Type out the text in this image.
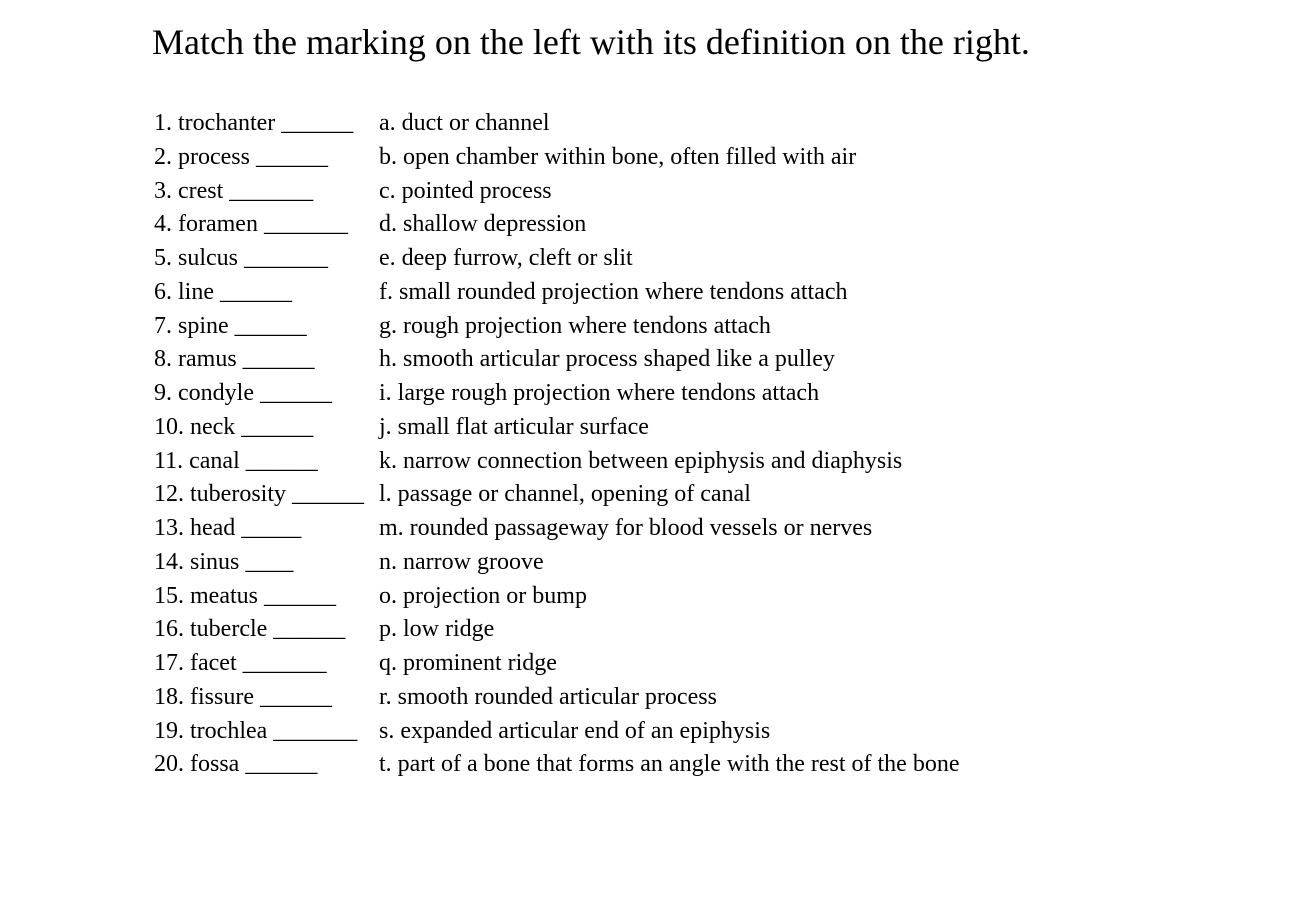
Match the marking on the left with its definition on the right.
1. trochanter ______ a. duct or channel
2. process ______ b. open chamber within bone, often filled with air
3. crest _______	c. pointed process
4. foramen _______ d. shallow depression
5. sulcus _______ e. deep furrow, cleft or slit
6. line ______	f. small rounded projection where tendons attach
7. spine ______	g. rough projection where tendons attach
8. ramus ______	h. smooth articular process shaped like a pulley
9. condyle ______ i. large rough projection where tendons attach
10. neck ______	j. small flat articular surface
11. canal ______	k. narrow connection between epiphysis and diaphysis
12. tuberosity ______ l. passage or channel, opening of canal
13. head _____	m. rounded passageway for blood vessels or nerves
14. sinus ____	n. narrow groove
15. meatus ______ o. projection or bump
16. tubercle ______ p. low ridge
17. facet _______ q. prominent ridge
18. fissure ______ r. smooth rounded articular process
19. trochlea _______ s. expanded articular end of an epiphysis
20. fossa ______	t. part of a bone that forms an angle with the rest of the bone
